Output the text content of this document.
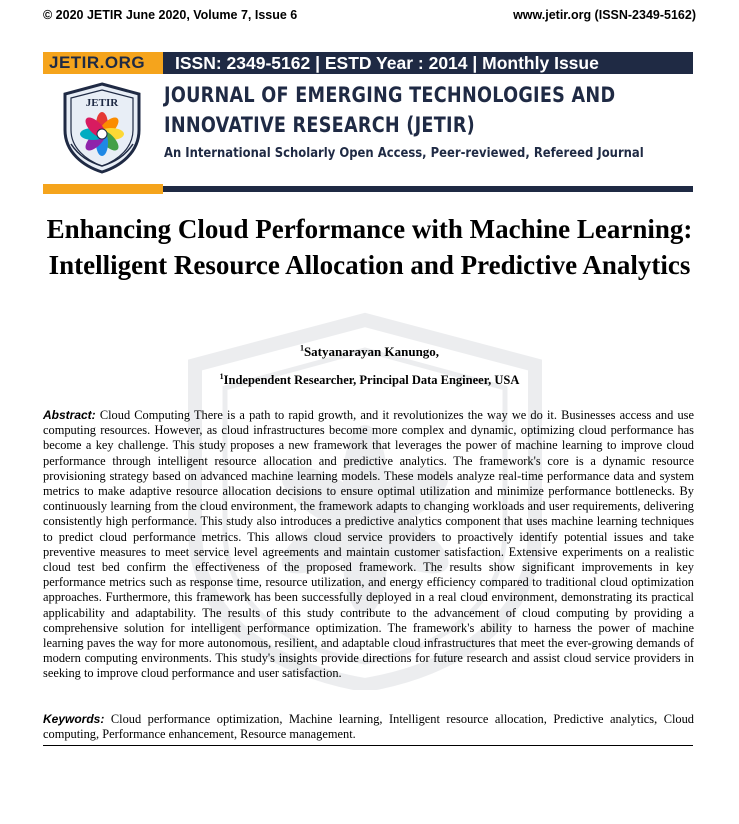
© 2020 JETIR June 2020, Volume 7, Issue 6	www.jetir.org (ISSN-2349-5162)
JETIR.ORG ISSN: 2349-5162 | ESTD Year : 2014 | Monthly Issue
JETIR JOURNAL OF EMERGING TECHNOLOGIES AND
INNOVATIVE RESEARCH (JETIR)
An International Scholarly Open Access, Peer-reviewed, Refereed Journal
Enhancing Cloud Performance with Machine Learning: Intelligent Resource Allocation and Predictive Analytics
$^1$Satyanarayan Kanungo,
$^1$Independent Researcher, Principal Data Engineer, USA
Abstract: Cloud Computing There is a path to rapid growth, and it revolutionizes the way we do it. Businesses access and use computing resources. However, as cloud infrastructures become more complex and dynamic, optimizing cloud performance has become a key challenge. This study proposes a new framework that leverages the power of machine learning to improve cloud performance through intelligent resource allocation and predictive analytics. The framework's core is a dynamic resource provisioning strategy based on advanced machine learning models. These models analyze real-time performance data and system metrics to make adaptive resource allocation decisions to ensure optimal utilization and minimize performance bottlenecks. By continuously learning from the cloud environment, the framework adapts to changing workloads and user requirements, delivering consistently high performance. This study also introduces a predictive analytics component that uses machine learning techniques to predict cloud performance metrics. This allows cloud service providers to proactively identify potential issues and take preventive measures to meet service level agreements and maintain customer satisfaction. Extensive experiments on a realistic cloud test bed confirm the effectiveness of the proposed framework. The results show significant improvements in key performance metrics such as response time, resource utilization, and energy efficiency compared to traditional cloud optimization approaches. Furthermore, this framework has been successfully deployed in a real cloud environment, demonstrating its practical applicability and adaptability. The results of this study contribute to the advancement of cloud computing by providing a comprehensive solution for intelligent performance optimization. The framework's ability to harness the power of machine learning paves the way for more autonomous, resilient, and adaptable cloud infrastructures that meet the ever-growing demands of modern computing environments. This study's insights provide directions for future research and assist cloud service providers in seeking to improve cloud performance and user satisfaction.
Keywords: Cloud performance optimization, Machine learning, Intelligent resource allocation, Predictive analytics, Cloud computing, Performance enhancement, Resource management.
